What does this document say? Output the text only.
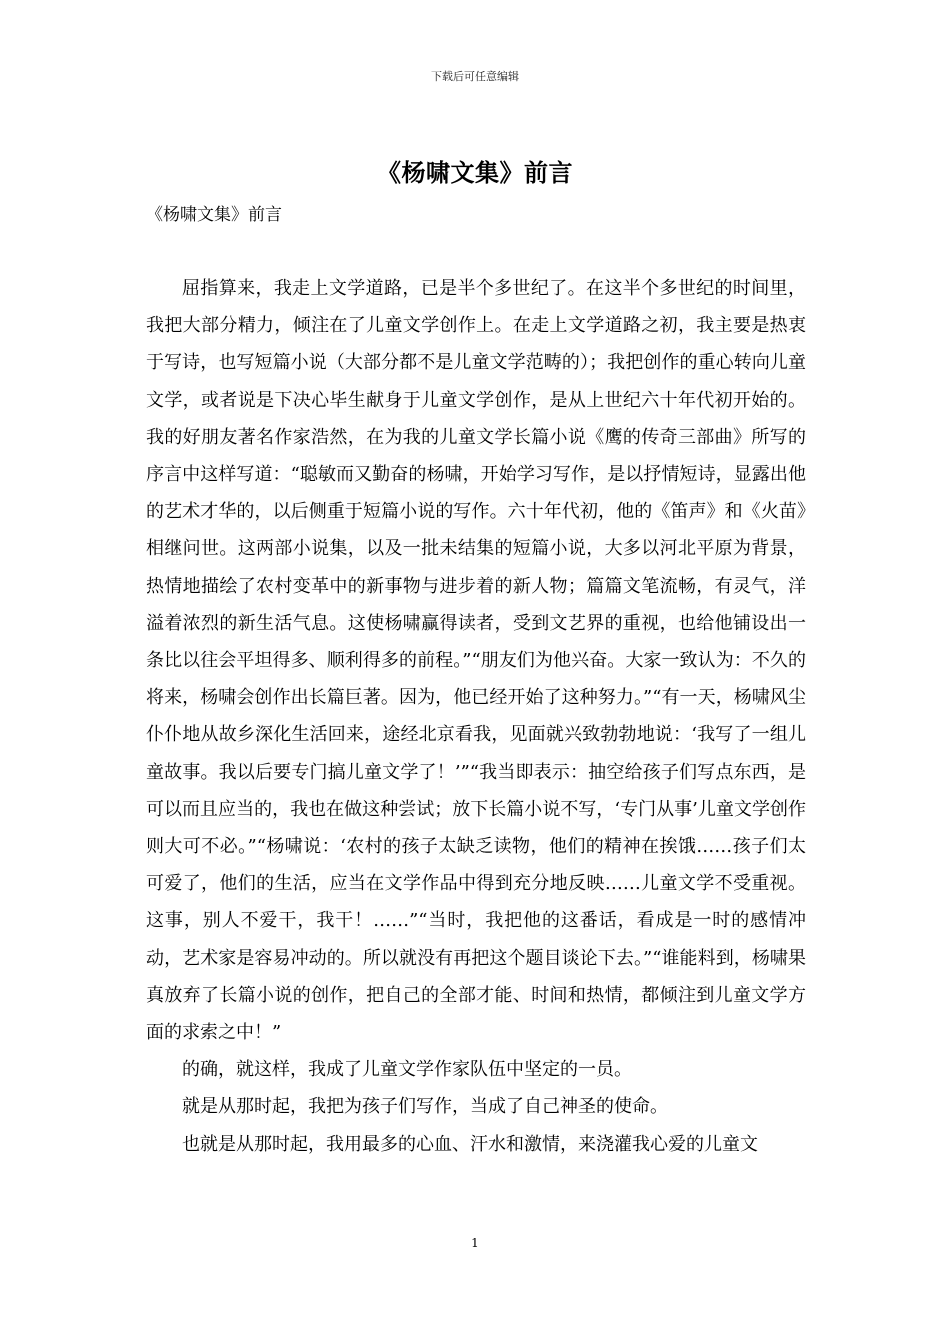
下载后可任意编辑
《杨啸文集》前言
《杨啸文集》前言

屈指算来，我走上文学道路，已是半个多世纪了。在这半个多世纪的时间里，我把大部分精力，倾注在了儿童文学创作上。在走上文学道路之初，我主要是热衷于写诗，也写短篇小说（大部分都不是儿童文学范畴的）；我把创作的重心转向儿童文学，或者说是下决心毕生献身于儿童文学创作，是从上世纪六十年代初开始的。我的好朋友著名作家浩然，在为我的儿童文学长篇小说《鹰的传奇三部曲》所写的序言中这样写道：“聪敏而又勤奋的杨啸，开始学习写作，是以抒情短诗，显露出他的艺术才华的，以后侧重于短篇小说的写作。六十年代初，他的《笛声》和《火苗》相继问世。这两部小说集，以及一批未结集的短篇小说，大多以河北平原为背景，热情地描绘了农村变革中的新事物与进步着的新人物；篇篇文笔流畅，有灵气，洋溢着浓烈的新生活气息。这使杨啸赢得读者，受到文艺界的重视，也给他铺设出一条比以往会平坦得多、顺利得多的前程。”“朋友们为他兴奋。大家一致认为：不久的将来，杨啸会创作出长篇巨著。因为，他已经开始了这种努力。”“有一天，杨啸风尘仆仆地从故乡深化生活回来，途经北京看我，见面就兴致勃勃地说：‘我写了一组儿童故事。我以后要专门搞儿童文学了！’”“我当即表示：抽空给孩子们写点东西，是可以而且应当的，我也在做这种尝试；放下长篇小说不写，‘专门从事’儿童文学创作则大可不必。”“杨啸说：‘农村的孩子太缺乏读物，他们的精神在挨饿……孩子们太可爱了，他们的生活，应当在文学作品中得到充分地反映……儿童文学不受重视。这事，别人不爱干，我干！……”“当时，我把他的这番话，看成是一时的感情冲动，艺术家是容易冲动的。所以就没有再把这个题目谈论下去。”“谁能料到，杨啸果真放弃了长篇小说的创作，把自己的全部才能、时间和热情，都倾注到儿童文学方面的求索之中！”

的确，就这样，我成了儿童文学作家队伍中坚定的一员。

就是从那时起，我把为孩子们写作，当成了自己神圣的使命。

也就是从那时起，我用最多的心血、汗水和激情，来浇灌我心爱的儿童文

1
